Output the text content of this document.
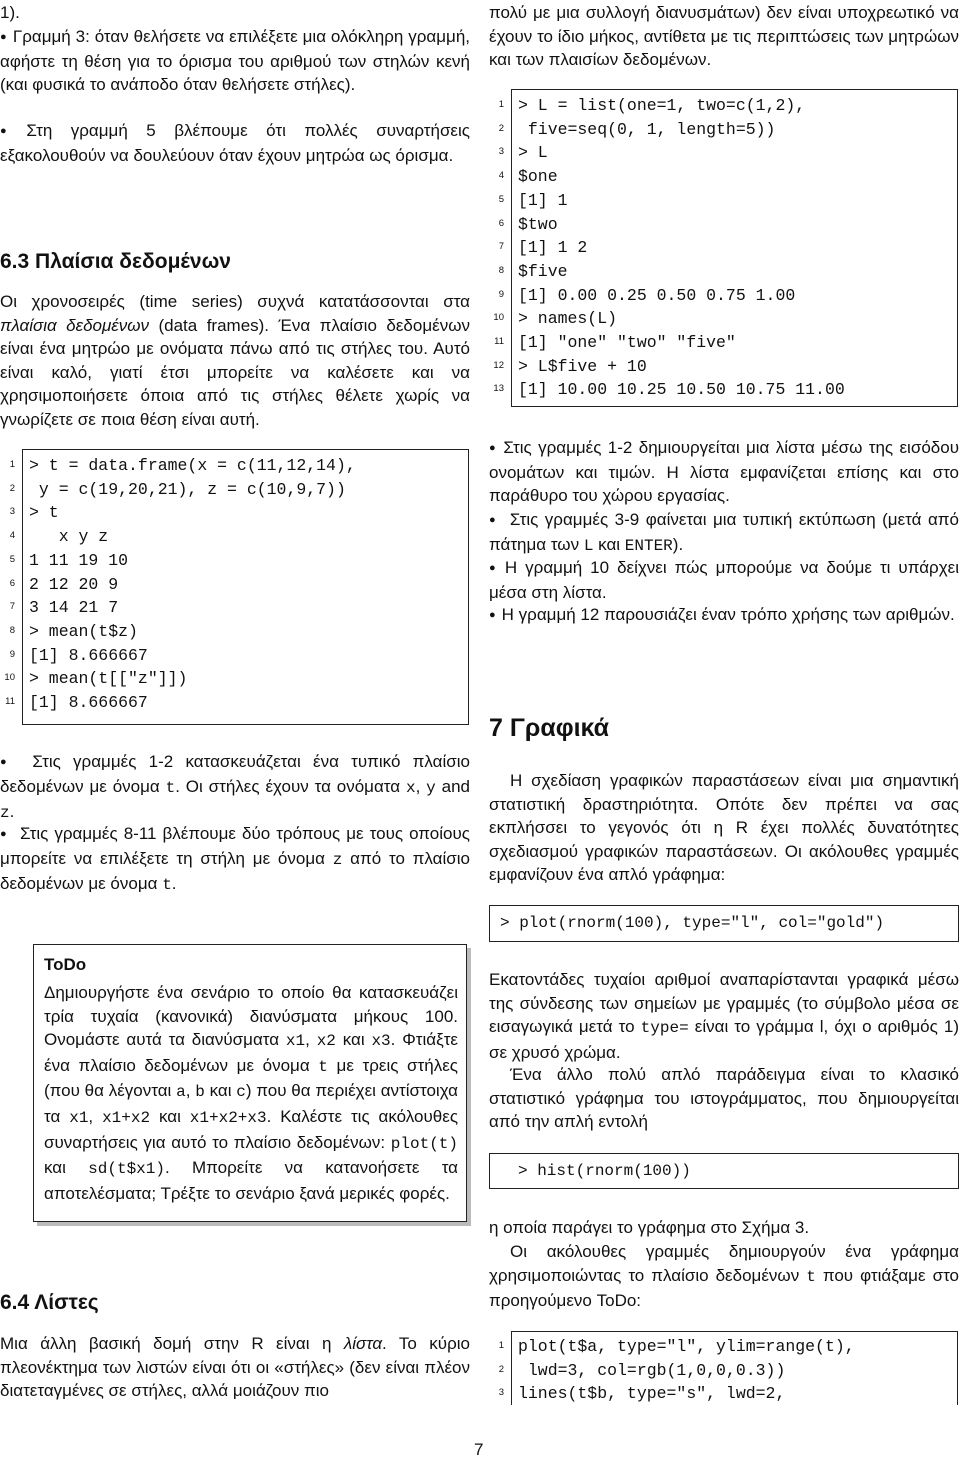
1).

● Γραμμή 3: όταν θελήσετε να επιλέξετε μια ολόκληρη γραμμή, αφήστε τη θέση για το όρισμα του αριθμού των στηλών κενή (και φυσικά το ανάποδο όταν θελήσετε στήλες).

● Στη γραμμή 5 βλέπουμε ότι πολλές συναρτήσεις εξακολουθούν να δουλεύουν όταν έχουν μητρώα ως όρισμα.

6.3 Πλαίσια δεδομένων

Οι χρονοσειρές (time series) συχνά κατατάσσονται στα πλαίσια δεδομένων (data frames). Ένα πλαίσιο δεδομένων είναι ένα μητρώο με ονόματα πάνω από τις στήλες του. Αυτό είναι καλό, γιατί έτσι μπορείτε να καλέσετε και να χρησιμοποιήσετε όποια από τις στήλες θέλετε χωρίς να γνωρίζετε σε ποια θέση είναι αυτή.

1 > t = data.frame(x = c(11,12,14),
2 y = c(19,20,21), z = c(10,9,7))
3 > t
4 x y z
5 1 11 19 10
6 2 12 20 9
7 3 14 21 7
8 > mean(t$z)
9 [1] 8.666667
10 > mean(t[["z"]])
11 [1] 8.666667

● Στις γραμμές 1-2 κατασκευάζεται ένα τυπικό πλαίσιο δεδομένων με όνομα t. Οι στήλες έχουν τα ονόματα x, y and z.

● Στις γραμμές 8-11 βλέπουμε δύο τρόπους με τους οποίους μπορείτε να επιλέξετε τη στήλη με όνομα z από το πλαίσιο δεδομένων με όνομα t.

ToDo

Δημιουργήστε ένα σενάριο το οποίο θα κατασκευάζει τρία τυχαία (κανονικά) διανύσματα μήκους 100. Ονομάστε αυτά τα διανύσματα x1, x2 και x3. Φτιάξτε ένα πλαίσιο δεδομένων με όνομα t με τρεις στήλες (που θα λέγονται a, b και c) που θα περιέχει αντίστοιχα τα x1, x1+x2 και x1+x2+x3. Καλέστε τις ακόλουθες συναρτήσεις για αυτό το πλαίσιο δεδομένων: plot(t) και sd(t$x1). Μπορείτε να κατανοήσετε τα αποτελέσματα; Τρέξτε το σενάριο ξανά μερικές φορές.

6.4 Λίστες

Μια άλλη βασική δομή στην R είναι η λίστα. Το κύριο πλεονέκτημα των λιστών είναι ότι οι «στήλες» (δεν είναι πλέον διατεταγμένες σε στήλες, αλλά μοιάζουν πιο

πολύ με μια συλλογή διανυσμάτων) δεν είναι υποχρεωτικό να έχουν το ίδιο μήκος, αντίθετα με τις περιπτώσεις των μητρώων και των πλαισίων δεδομένων.

1 > L = list(one=1, two=c(1,2),
2 five=seq(0, 1, length=5))
3 > L
4 $one
5 [1] 1
6 $two
7 [1] 1 2
8 $five
9 [1] 0.00 0.25 0.50 0.75 1.00
10 > names(L)
11 [1] "one" "two" "five"
12 > L$five + 10
13 [1] 10.00 10.25 10.50 10.75 11.00

● Στις γραμμές 1-2 δημιουργείται μια λίστα μέσω της εισόδου ονομάτων και τιμών. Η λίστα εμφανίζεται επίσης και στο παράθυρο του χώρου εργασίας.

● Στις γραμμές 3-9 φαίνεται μια τυπική εκτύπωση (μετά από πάτημα των L και ENTER).

● Η γραμμή 10 δείχνει πώς μπορούμε να δούμε τι υπάρχει μέσα στη λίστα.

● Η γραμμή 12 παρουσιάζει έναν τρόπο χρήσης των αριθμών.

7 Γραφικά

Η σχεδίαση γραφικών παραστάσεων είναι μια σημαντική στατιστική δραστηριότητα. Οπότε δεν πρέπει να σας εκπλήσσει το γεγονός ότι η R έχει πολλές δυνατότητες σχεδιασμού γραφικών παραστάσεων. Οι ακόλουθες γραμμές εμφανίζουν ένα απλό γράφημα:

> plot(rnorm(100), type="l", col="gold")

Εκατοντάδες τυχαίοι αριθμοί αναπαρίστανται γραφικά μέσω της σύνδεσης των σημείων με γραμμές (το σύμβολο μέσα σε εισαγωγικά μετά το type= είναι το γράμμα l, όχι ο αριθμός 1) σε χρυσό χρώμα.

Ένα άλλο πολύ απλό παράδειγμα είναι το κλασικό στατιστικό γράφημα του ιστογράμματος, που δημιουργείται από την απλή εντολή

> hist(rnorm(100))

η οποία παράγει το γράφημα στο Σχήμα 3.

Οι ακόλουθες γραμμές δημιουργούν ένα γράφημα χρησιμοποιώντας το πλαίσιο δεδομένων t που φτιάξαμε στο προηγούμενο ToDo:

1 plot(t$a, type="l", ylim=range(t),
2 lwd=3, col=rgb(1,0,0,0.3))
3 lines(t$b, type="s", lwd=2,
7
